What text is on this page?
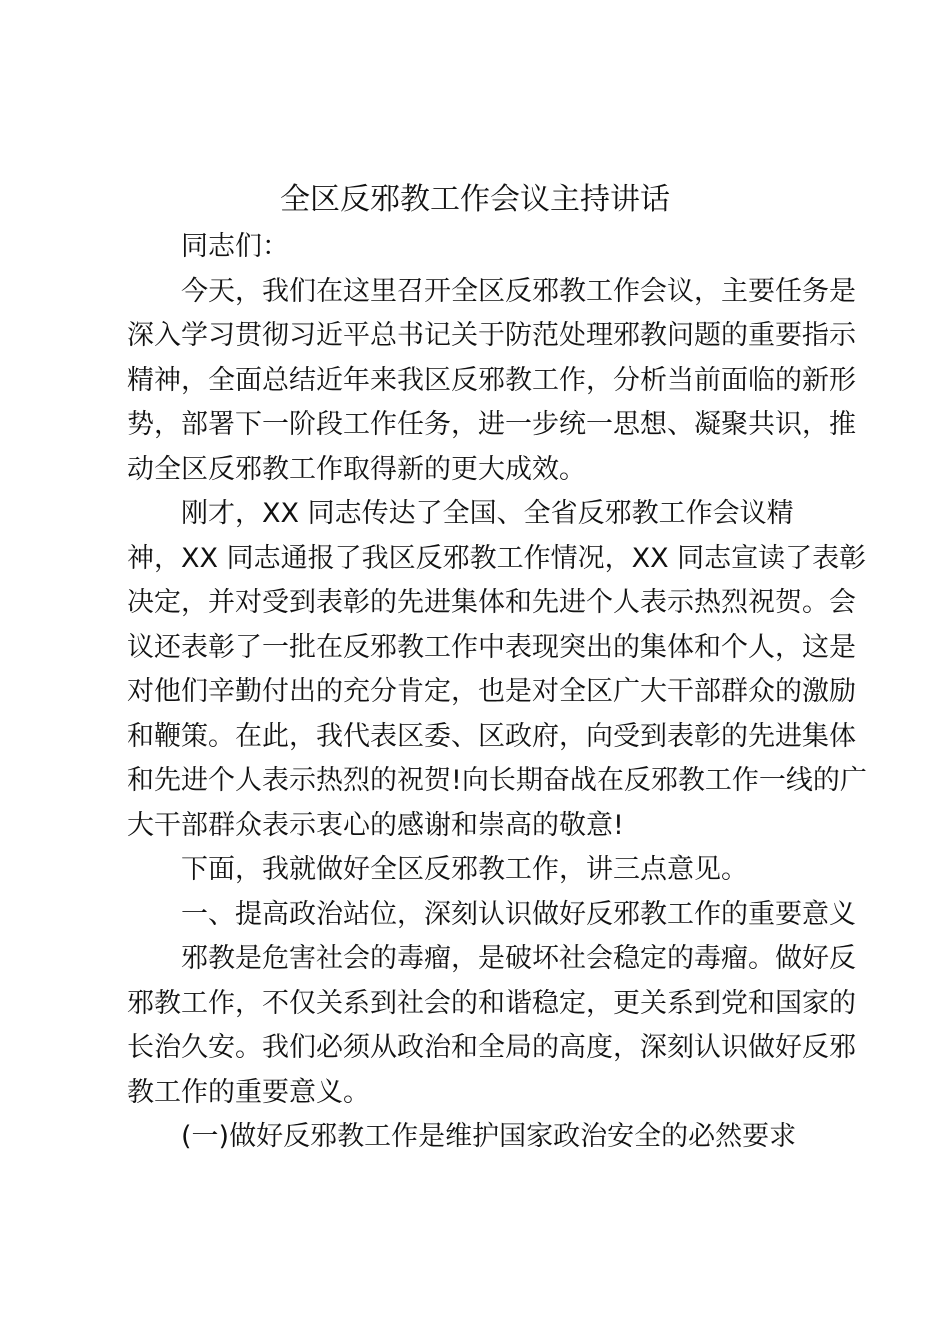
全区反邪教工作会议主持讲话
同志们：
今天，我们在这里召开全区反邪教工作会议，主要任务是
深入学习贯彻习近平总书记关于防范处理邪教问题的重要指示
精神，全面总结近年来我区反邪教工作，分析当前面临的新形
势，部署下一阶段工作任务，进一步统一思想、凝聚共识，推
动全区反邪教工作取得新的更大成效。
刚才，XX 同志传达了全国、全省反邪教工作会议精
神，XX 同志通报了我区反邪教工作情况，XX 同志宣读了表彰
决定，并对受到表彰的先进集体和先进个人表示热烈祝贺。会
议还表彰了一批在反邪教工作中表现突出的集体和个人，这是
对他们辛勤付出的充分肯定，也是对全区广大干部群众的激励
和鞭策。在此，我代表区委、区政府，向受到表彰的先进集体
和先进个人表示热烈的祝贺!向长期奋战在反邪教工作一线的广
大干部群众表示衷心的感谢和崇高的敬意!
下面，我就做好全区反邪教工作，讲三点意见。
一、提高政治站位，深刻认识做好反邪教工作的重要意义
邪教是危害社会的毒瘤，是破坏社会稳定的毒瘤。做好反
邪教工作，不仅关系到社会的和谐稳定，更关系到党和国家的
长治久安。我们必须从政治和全局的高度，深刻认识做好反邪
教工作的重要意义。
(一)做好反邪教工作是维护国家政治安全的必然要求
